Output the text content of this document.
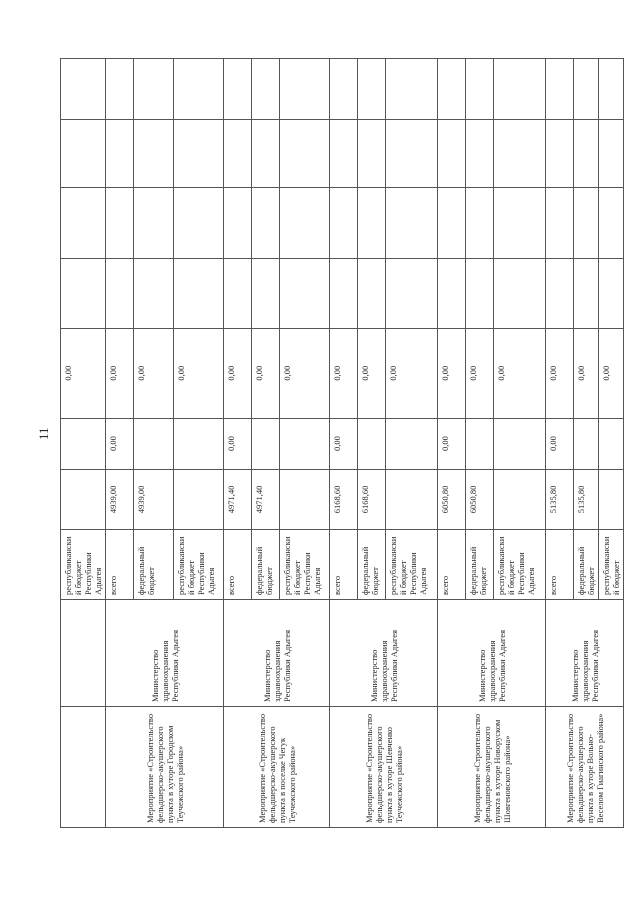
11
		республиканский бюджет Республики Адыгея			0,00				
Мероприятие «Строительство фельдшерско-акушерского пункта в хуторе Городском Теучежского района»	Министерство здравоохранения Республики Адыгея	всего	4939,00	0,00	0,00				
		федеральный бюджет	4939,00		0,00				
		республиканский бюджет Республики Адыгея			0,00				
Мероприятие «Строительство фельдшерско-акушерского пункта в поселке Чегук Теучежского района»	Министерство здравоохранения Республики Адыгея	всего	4971,40	0,00	0,00				
		федеральный бюджет	4971,40		0,00				
		республиканский бюджет Республики Адыгея			0,00				
Мероприятие «Строительство фельдшерско-акушерского пункта в хуторе Шевченко Теучежского района»	Министерство здравоохранения Республики Адыгея	всего	6168,60	0,00	0,00				
		федеральный бюджет	6168,60		0,00				
		республиканский бюджет Республики Адыгея			0,00				
Мероприятие «Строительство фельдшерско-акушерского пункта в хуторе Новоруском Шовгеновского района»	Министерство здравоохранения Республики Адыгея	всего	6050,80	0,00	0,00				
		федеральный бюджет	6050,80		0,00				
		республиканский бюджет Республики Адыгея			0,00				
Мероприятие «Строительство фельдшерско-акушерского пункта в хуторе Вольно-Веселом Гиагинского района»	Министерство здравоохранения Республики Адыгея	всего	5135,80	0,00	0,00				
		федеральный бюджет	5135,80		0,00				
		республиканский бюджет			0,00				
